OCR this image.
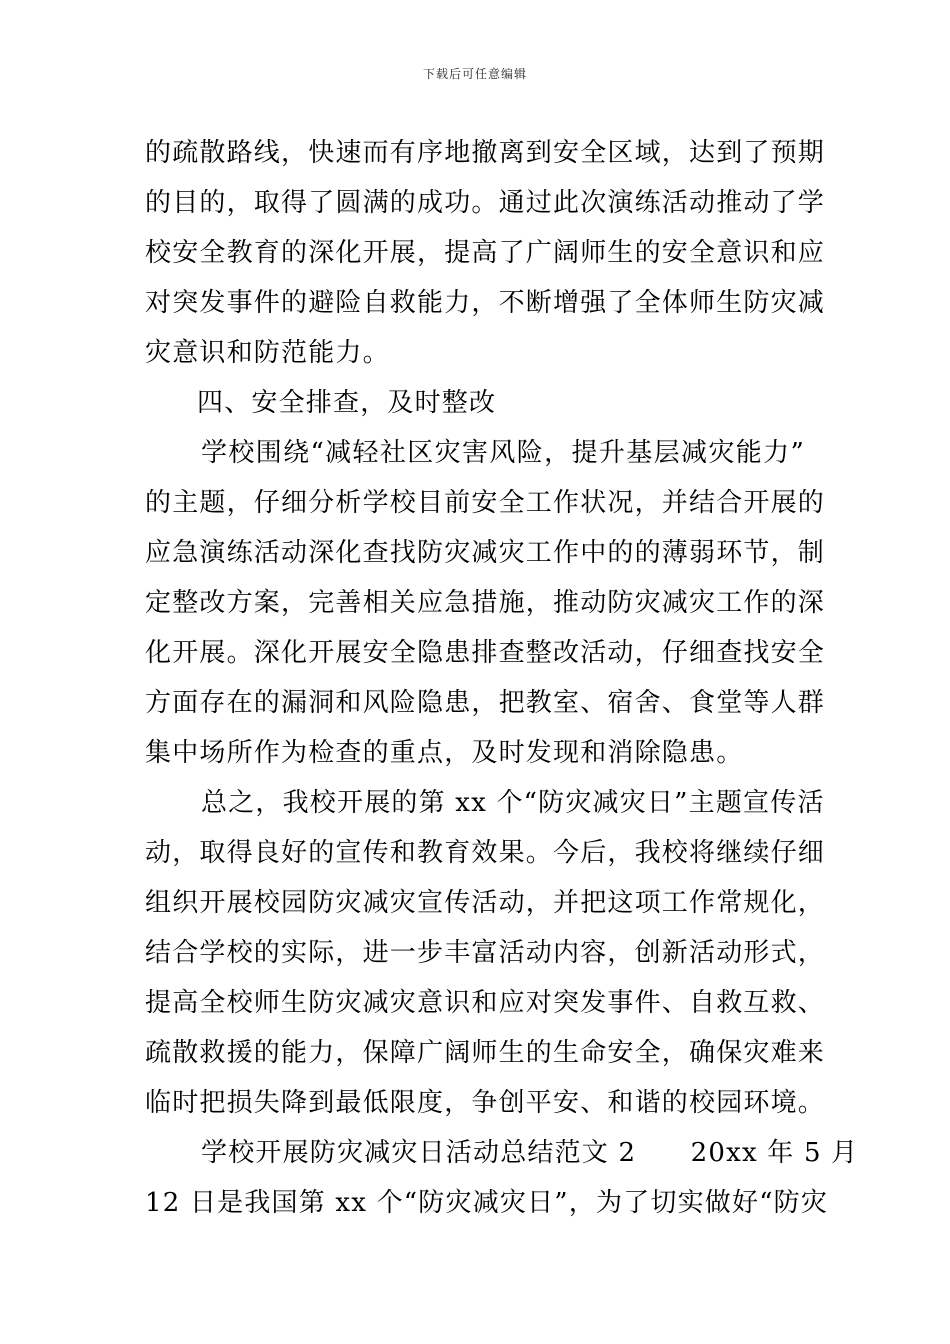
下载后可任意编辑
的疏散路线，快速而有序地撤离到安全区域，达到了预期
的目的，取得了圆满的成功。通过此次演练活动推动了学
校安全教育的深化开展，提高了广阔师生的安全意识和应
对突发事件的避险自救能力，不断增强了全体师生防灾减
灾意识和防范能力。
四、安全排查，及时整改
学校围绕“减轻社区灾害风险，提升基层减灾能力”
的主题，仔细分析学校目前安全工作状况，并结合开展的
应急演练活动深化查找防灾减灾工作中的的薄弱环节，制
定整改方案，完善相关应急措施，推动防灾减灾工作的深
化开展。深化开展安全隐患排查整改活动，仔细查找安全
方面存在的漏洞和风险隐患，把教室、宿舍、食堂等人群
集中场所作为检查的重点，及时发现和消除隐患。
总之，我校开展的第 xx 个“防灾减灾日”主题宣传活
动，取得良好的宣传和教育效果。今后，我校将继续仔细
组织开展校园防灾减灾宣传活动，并把这项工作常规化，
结合学校的实际，进一步丰富活动内容，创新活动形式，
提高全校师生防灾减灾意识和应对突发事件、自救互救、
疏散救援的能力，保障广阔师生的生命安全，确保灾难来
临时把损失降到最低限度，争创平安、和谐的校园环境。
学校开展防灾减灾日活动总结范文 2　　20xx 年 5 月
12 日是我国第 xx 个“防灾减灾日”，为了切实做好“防灾
